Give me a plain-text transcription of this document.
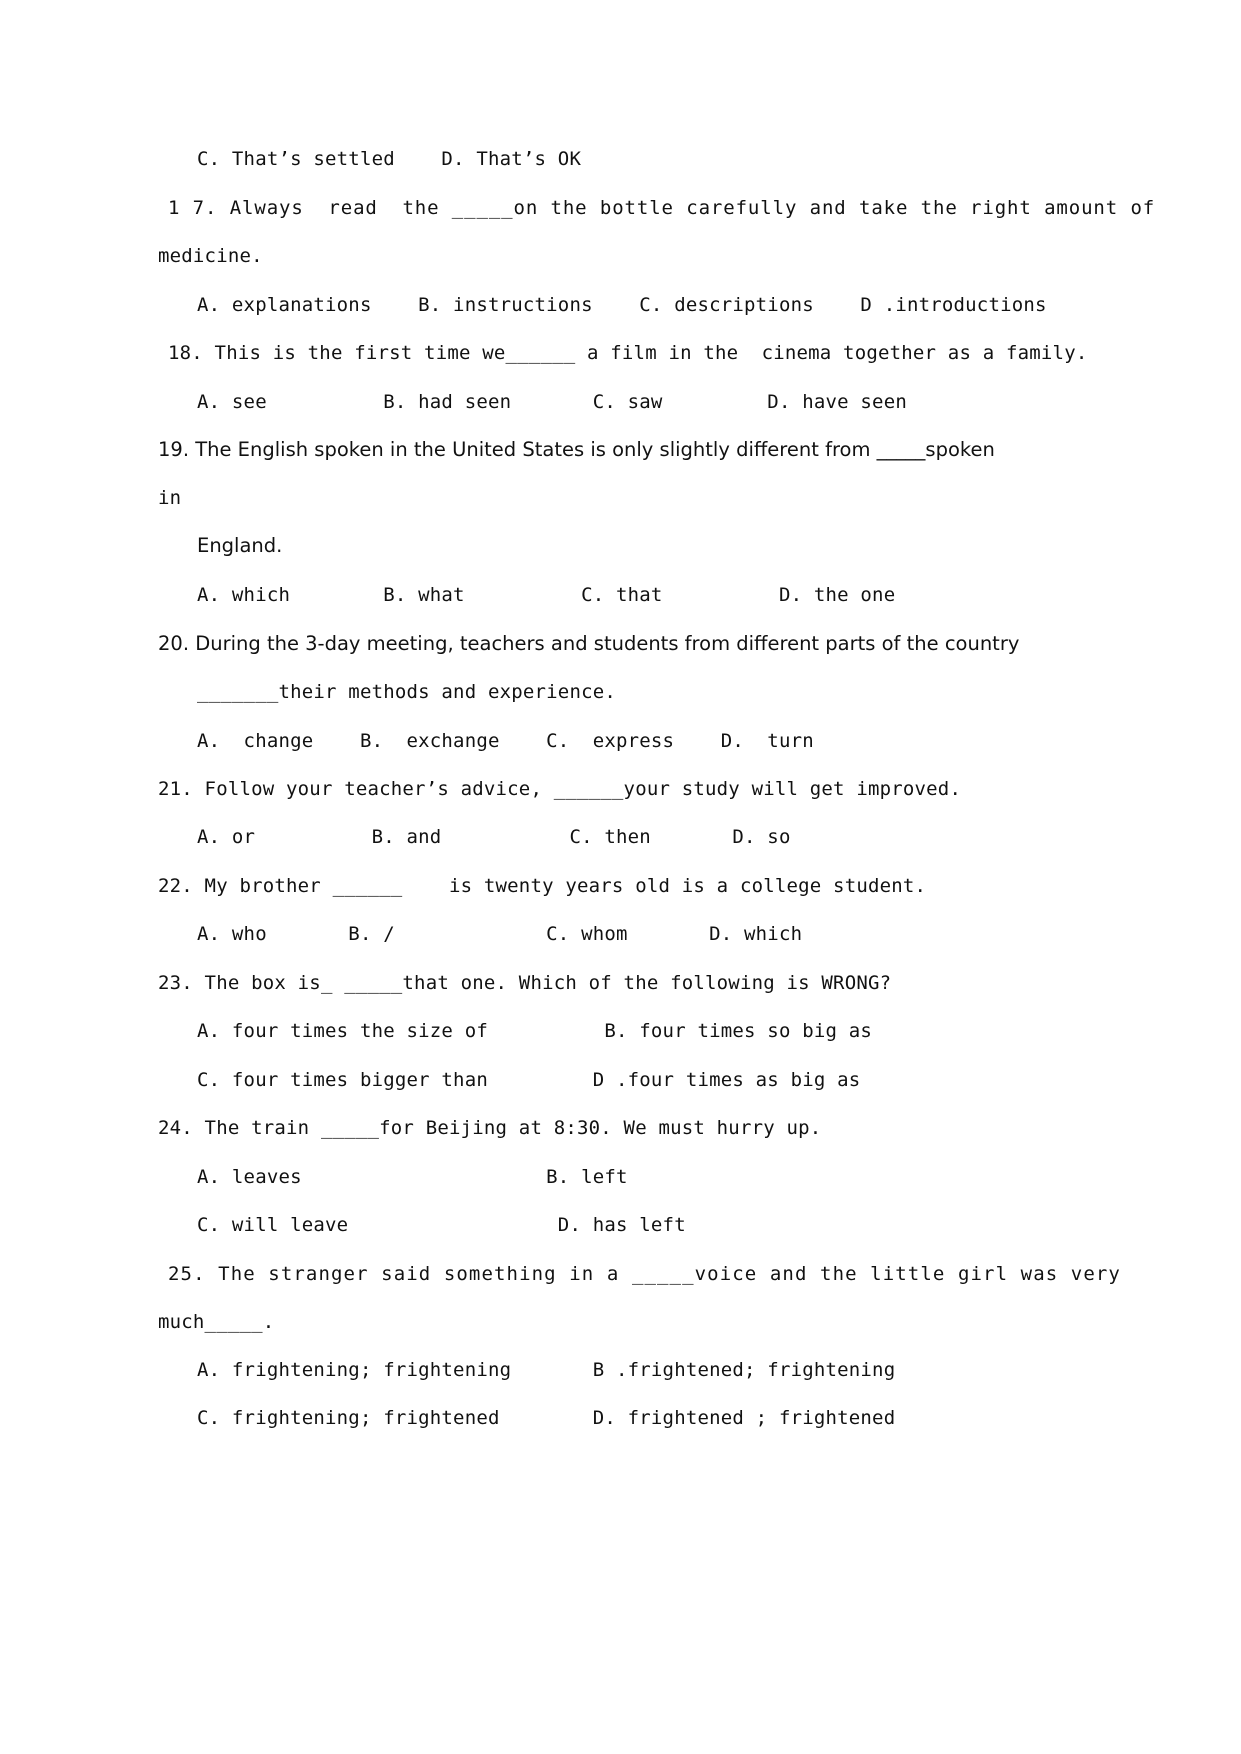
C. That’s settled    D. That’s OK

1 7. Always  read  the _____on the bottle carefully and take the right amount of

medicine.

A. explanations    B. instructions    C. descriptions    D .introductions

18. This is the first time we______ a film in the  cinema together as a family.

A. see          B. had seen       C. saw         D. have seen

19. The English spoken in the United States is only slightly different from _____spoken

in

England.

A. which        B. what          C. that          D. the one

20. During the 3-day meeting, teachers and students from different parts of the country

_______their methods and experience.

A.  change    B.  exchange    C.  express    D.  turn

21. Follow your teacher’s advice, ______your study will get improved.

A. or          B. and           C. then       D. so

22. My brother ______    is twenty years old is a college student.

A. who       B. /             C. whom       D. which

23. The box is_ _____that one. Which of the following is WRONG?

A. four times the size of          B. four times so big as

C. four times bigger than         D .four times as big as

24. The train _____for Beijing at 8:30. We must hurry up.

A. leaves                     B. left

C. will leave                  D. has left

25. The stranger said something in a _____voice and the little girl was very

much_____.

A. frightening; frightening       B .frightened; frightening

C. frightening; frightened        D. frightened ; frightened
